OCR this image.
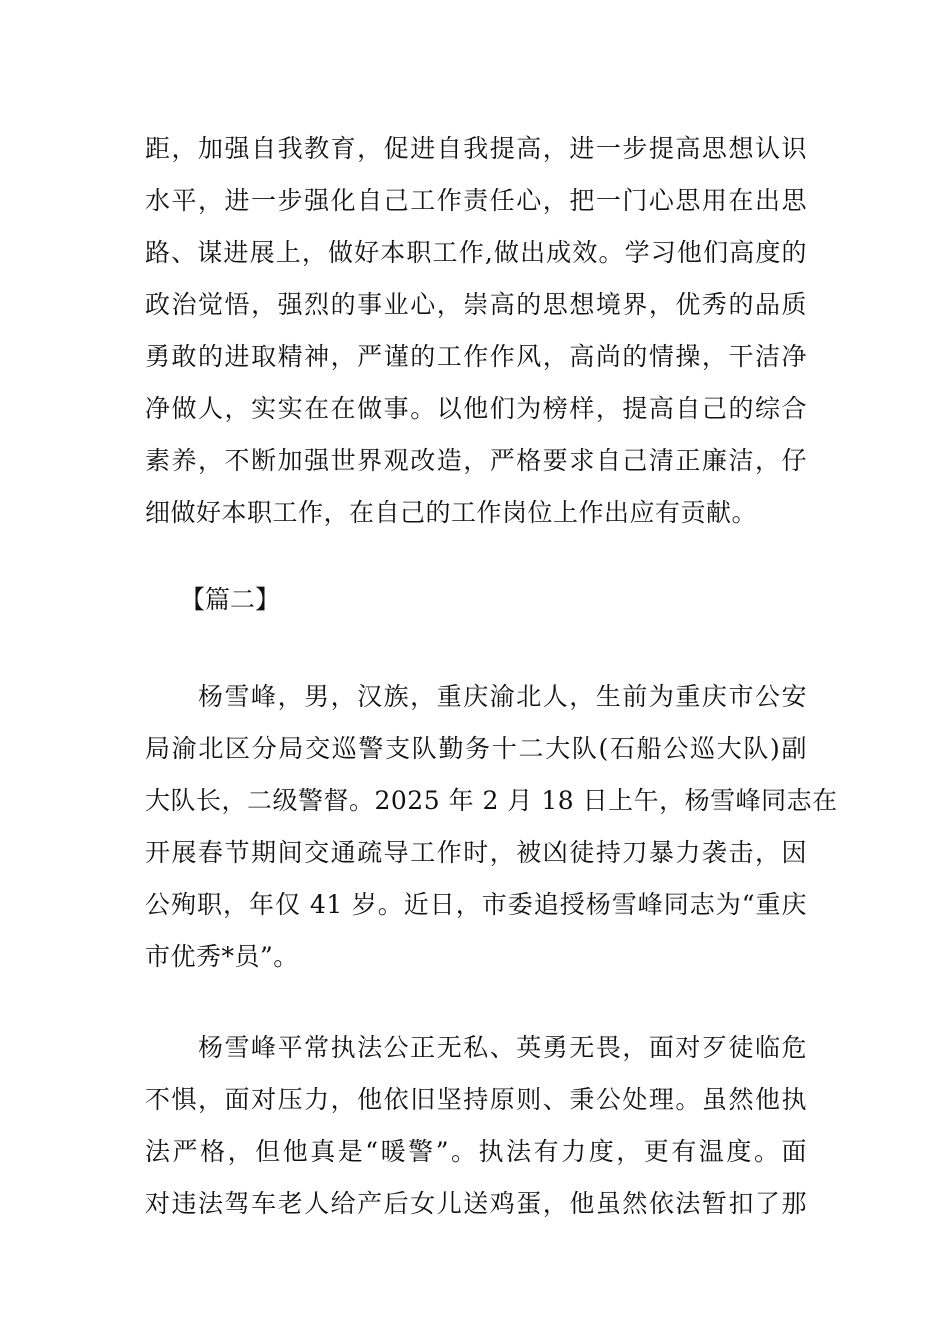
距，加强自我教育，促进自我提高，进一步提高思想认识
水平，进一步强化自己工作责任心，把一门心思用在出思
路、谋进展上，做好本职工作,做出成效。学习他们高度的
政治觉悟，强烈的事业心，崇高的思想境界，优秀的品质
勇敢的进取精神，严谨的工作作风，高尚的情操，干洁净
净做人，实实在在做事。以他们为榜样，提高自己的综合
素养，不断加强世界观改造，严格要求自己清正廉洁，仔
细做好本职工作，在自己的工作岗位上作出应有贡献。
【篇二】
杨雪峰，男，汉族，重庆渝北人，生前为重庆市公安
局渝北区分局交巡警支队勤务十二大队(石船公巡大队)副
大队长，二级警督。2025 年 2 月 18 日上午，杨雪峰同志在
开展春节期间交通疏导工作时，被凶徒持刀暴力袭击，因
公殉职，年仅 41 岁。近日，市委追授杨雪峰同志为“重庆
市优秀*员”。
杨雪峰平常执法公正无私、英勇无畏，面对歹徒临危
不惧，面对压力，他依旧坚持原则、秉公处理。虽然他执
法严格，但他真是“暖警”。执法有力度，更有温度。面
对违法驾车老人给产后女儿送鸡蛋，他虽然依法暂扣了那
